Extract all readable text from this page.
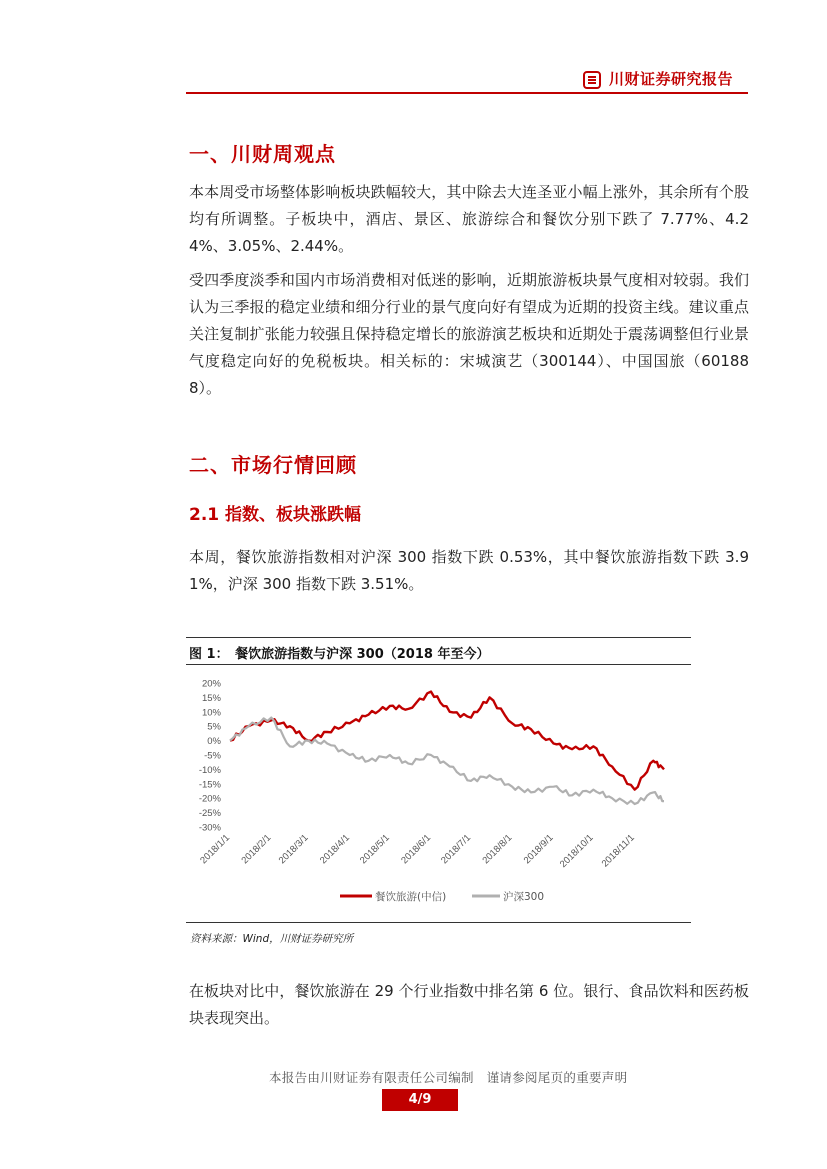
川财证券研究报告
一、川财周观点
本本周受市场整体影响板块跌幅较大，其中除去大连圣亚小幅上涨外，其余所有个股均有所调整。子板块中，酒店、景区、旅游综合和餐饮分别下跌了 7.77%、4.24%、3.05%、2.44%。
受四季度淡季和国内市场消费相对低迷的影响，近期旅游板块景气度相对较弱。我们认为三季报的稳定业绩和细分行业的景气度向好有望成为近期的投资主线。建议重点关注复制扩张能力较强且保持稳定增长的旅游演艺板块和近期处于震荡调整但行业景气度稳定向好的免税板块。相关标的：宋城演艺（300144）、中国国旅（601888）。
二、市场行情回顾
2.1 指数、板块涨跌幅
本周，餐饮旅游指数相对沪深 300 指数下跌 0.53%，其中餐饮旅游指数下跌 3.91%，沪深 300 指数下跌 3.51%。
图 1：　餐饮旅游指数与沪深 300（2018 年至今）
20%
15%
10%
5%
0%
-5%
-10%
-15%
-20%
-25%
-30%
2018/1/1 2018/2/1 2018/3/1 2018/4/1 2018/5/1 2018/6/1 2018/7/1 2018/8/1 2018/9/1 2018/10/1 2018/11/1
餐饮旅游(中信)	沪深300
资料来源：Wind，川财证券研究所
在板块对比中，餐饮旅游在 29 个行业指数中排名第 6 位。银行、食品饮料和医药板块表现突出。
本报告由川财证券有限责任公司编制　谨请参阅尾页的重要声明
4/9
